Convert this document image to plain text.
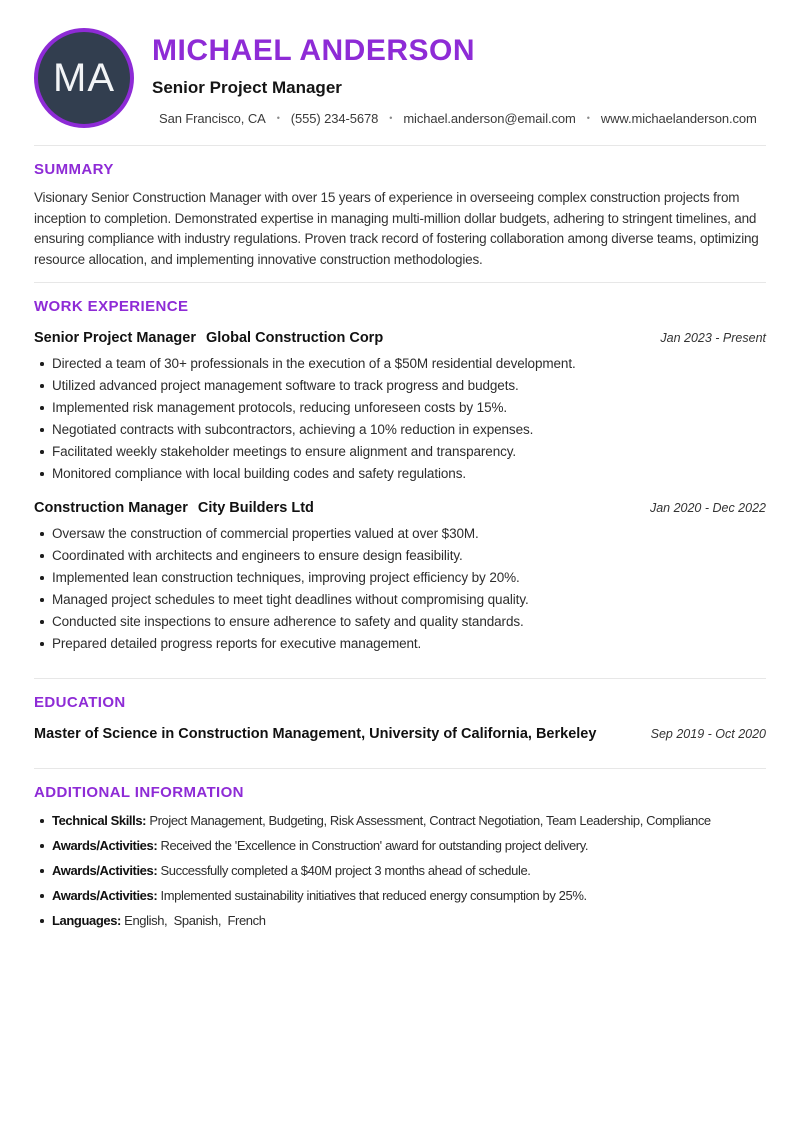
MA
MICHAEL ANDERSON
Senior Project Manager
San Francisco, CA • (555) 234-5678 • michael.anderson@email.com • www.michaelanderson.com
SUMMARY

Visionary Senior Construction Manager with over 15 years of experience in overseeing complex construction projects from inception to completion. Demonstrated expertise in managing multi-million dollar budgets, adhering to stringent timelines, and ensuring compliance with industry regulations. Proven track record of fostering collaboration among diverse teams, optimizing resource allocation, and implementing innovative construction methodologies.

WORK EXPERIENCE
Senior Project Manager Global Construction Corp	Jan 2023 - Present
Directed a team of 30+ professionals in the execution of a $50M residential development.
Utilized advanced project management software to track progress and budgets.
Implemented risk management protocols, reducing unforeseen costs by 15%.
Negotiated contracts with subcontractors, achieving a 10% reduction in expenses.
Facilitated weekly stakeholder meetings to ensure alignment and transparency.
Monitored compliance with local building codes and safety regulations.
Construction Manager City Builders Ltd	Jan 2020 - Dec 2022
Oversaw the construction of commercial properties valued at over $30M.
Coordinated with architects and engineers to ensure design feasibility.
Implemented lean construction techniques, improving project efficiency by 20%.
Managed project schedules to meet tight deadlines without compromising quality.
Conducted site inspections to ensure adherence to safety and quality standards.
Prepared detailed progress reports for executive management.
EDUCATION
Master of Science in Construction Management, University of California, Berkeley	Sep 2019 - Oct 2020
ADDITIONAL INFORMATION
Technical Skills: Project Management, Budgeting, Risk Assessment, Contract Negotiation, Team Leadership, Compliance
Awards/Activities: Received the 'Excellence in Construction' award for outstanding project delivery.
Awards/Activities: Successfully completed a $40M project 3 months ahead of schedule.
Awards/Activities: Implemented sustainability initiatives that reduced energy consumption by 25%.
Languages: English,  Spanish,  French
